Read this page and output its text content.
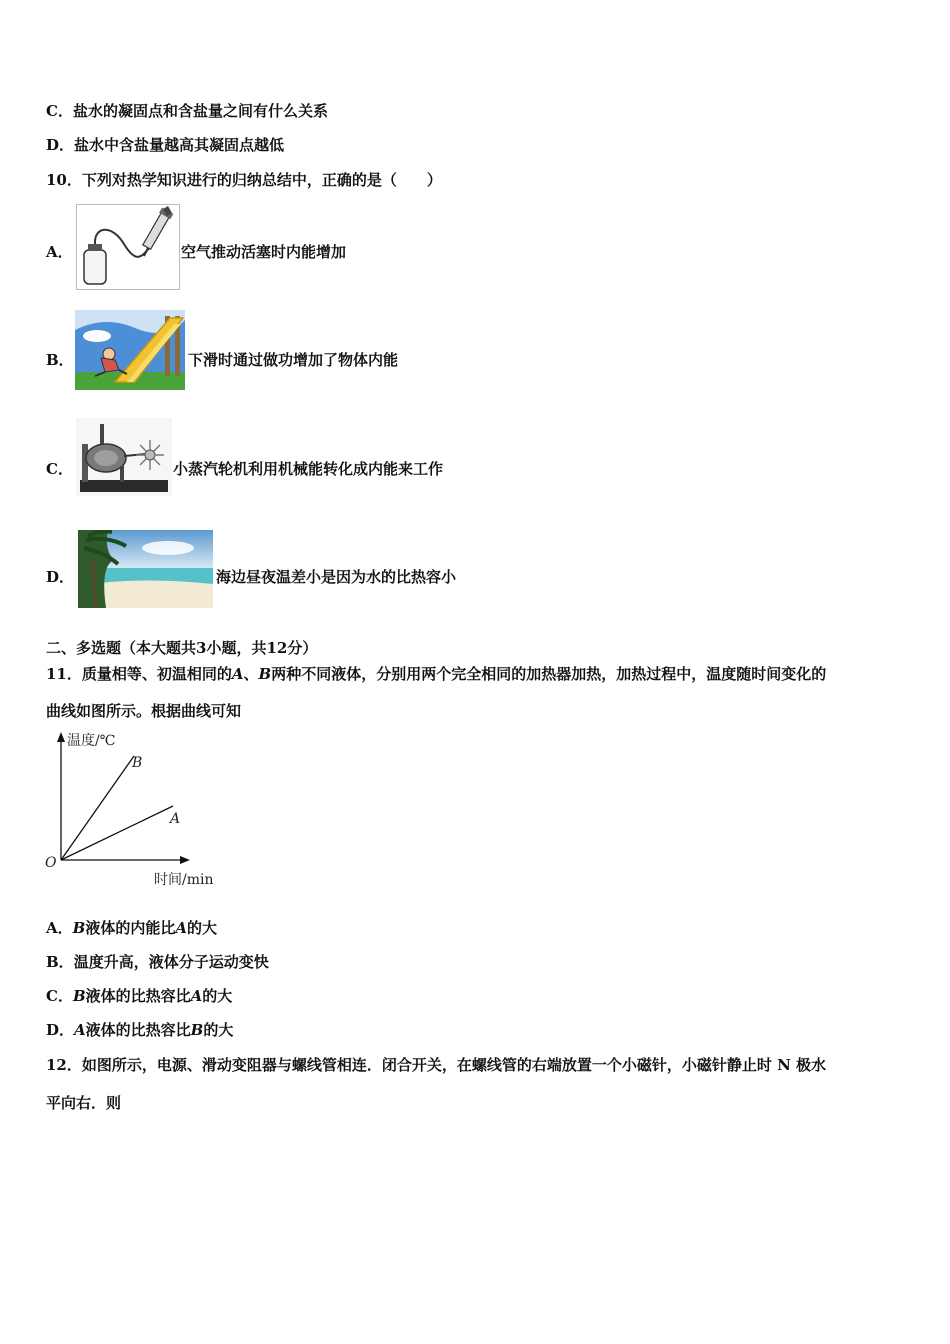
C．盐水的凝固点和含盐量之间有什么关系
D．盐水中含盐量越高其凝固点越低
10．下列对热学知识进行的归纳总结中，正确的是（　　）
A．	空气推动活塞时内能增加
B．	下滑时通过做功增加了物体内能
C．	小蒸汽轮机利用机械能转化成内能来工作
D．	海边昼夜温差小是因为水的比热容小
二、多选题（本大题共3小题，共12分）
11．质量相等、初温相同的A、B两种不同液体，分别用两个完全相同的加热器加热，加热过程中，温度随时间变化的
曲线如图所示。根据曲线可知
温度/℃
时间/min
O
B
A
A．B液体的内能比A的大
B．温度升高，液体分子运动变快
C．B液体的比热容比A的大
D．A液体的比热容比B的大
12．如图所示，电源、滑动变阻器与螺线管相连．闭合开关，在螺线管的右端放置一个小磁针，小磁针静止时 N 极水
平向右．则
